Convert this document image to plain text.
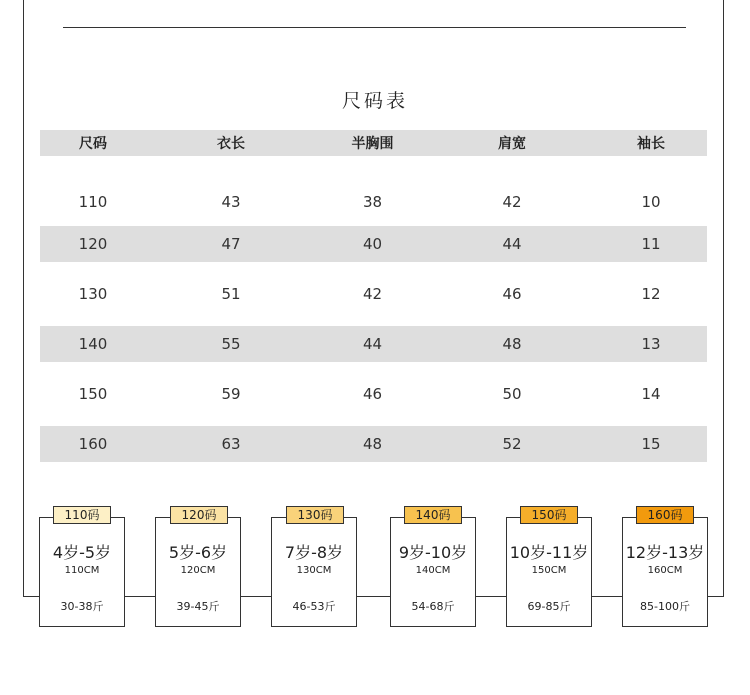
尺码表
尺码	衣长	半胸围	肩宽	袖长
110	43	38	42	10
120	47	40	44	11
130	51	42	46	12
140	55	44	48	13
150	59	46	50	14
160	63	48	52	15
4岁-5岁
110CM
30-38斤
110码
5岁-6岁
120CM
39-45斤
120码
7岁-8岁
130CM
46-53斤
130码
9岁-10岁
140CM
54-68斤
140码
10岁-11岁
150CM
69-85斤
150码
12岁-13岁
160CM
85-100斤
160码
